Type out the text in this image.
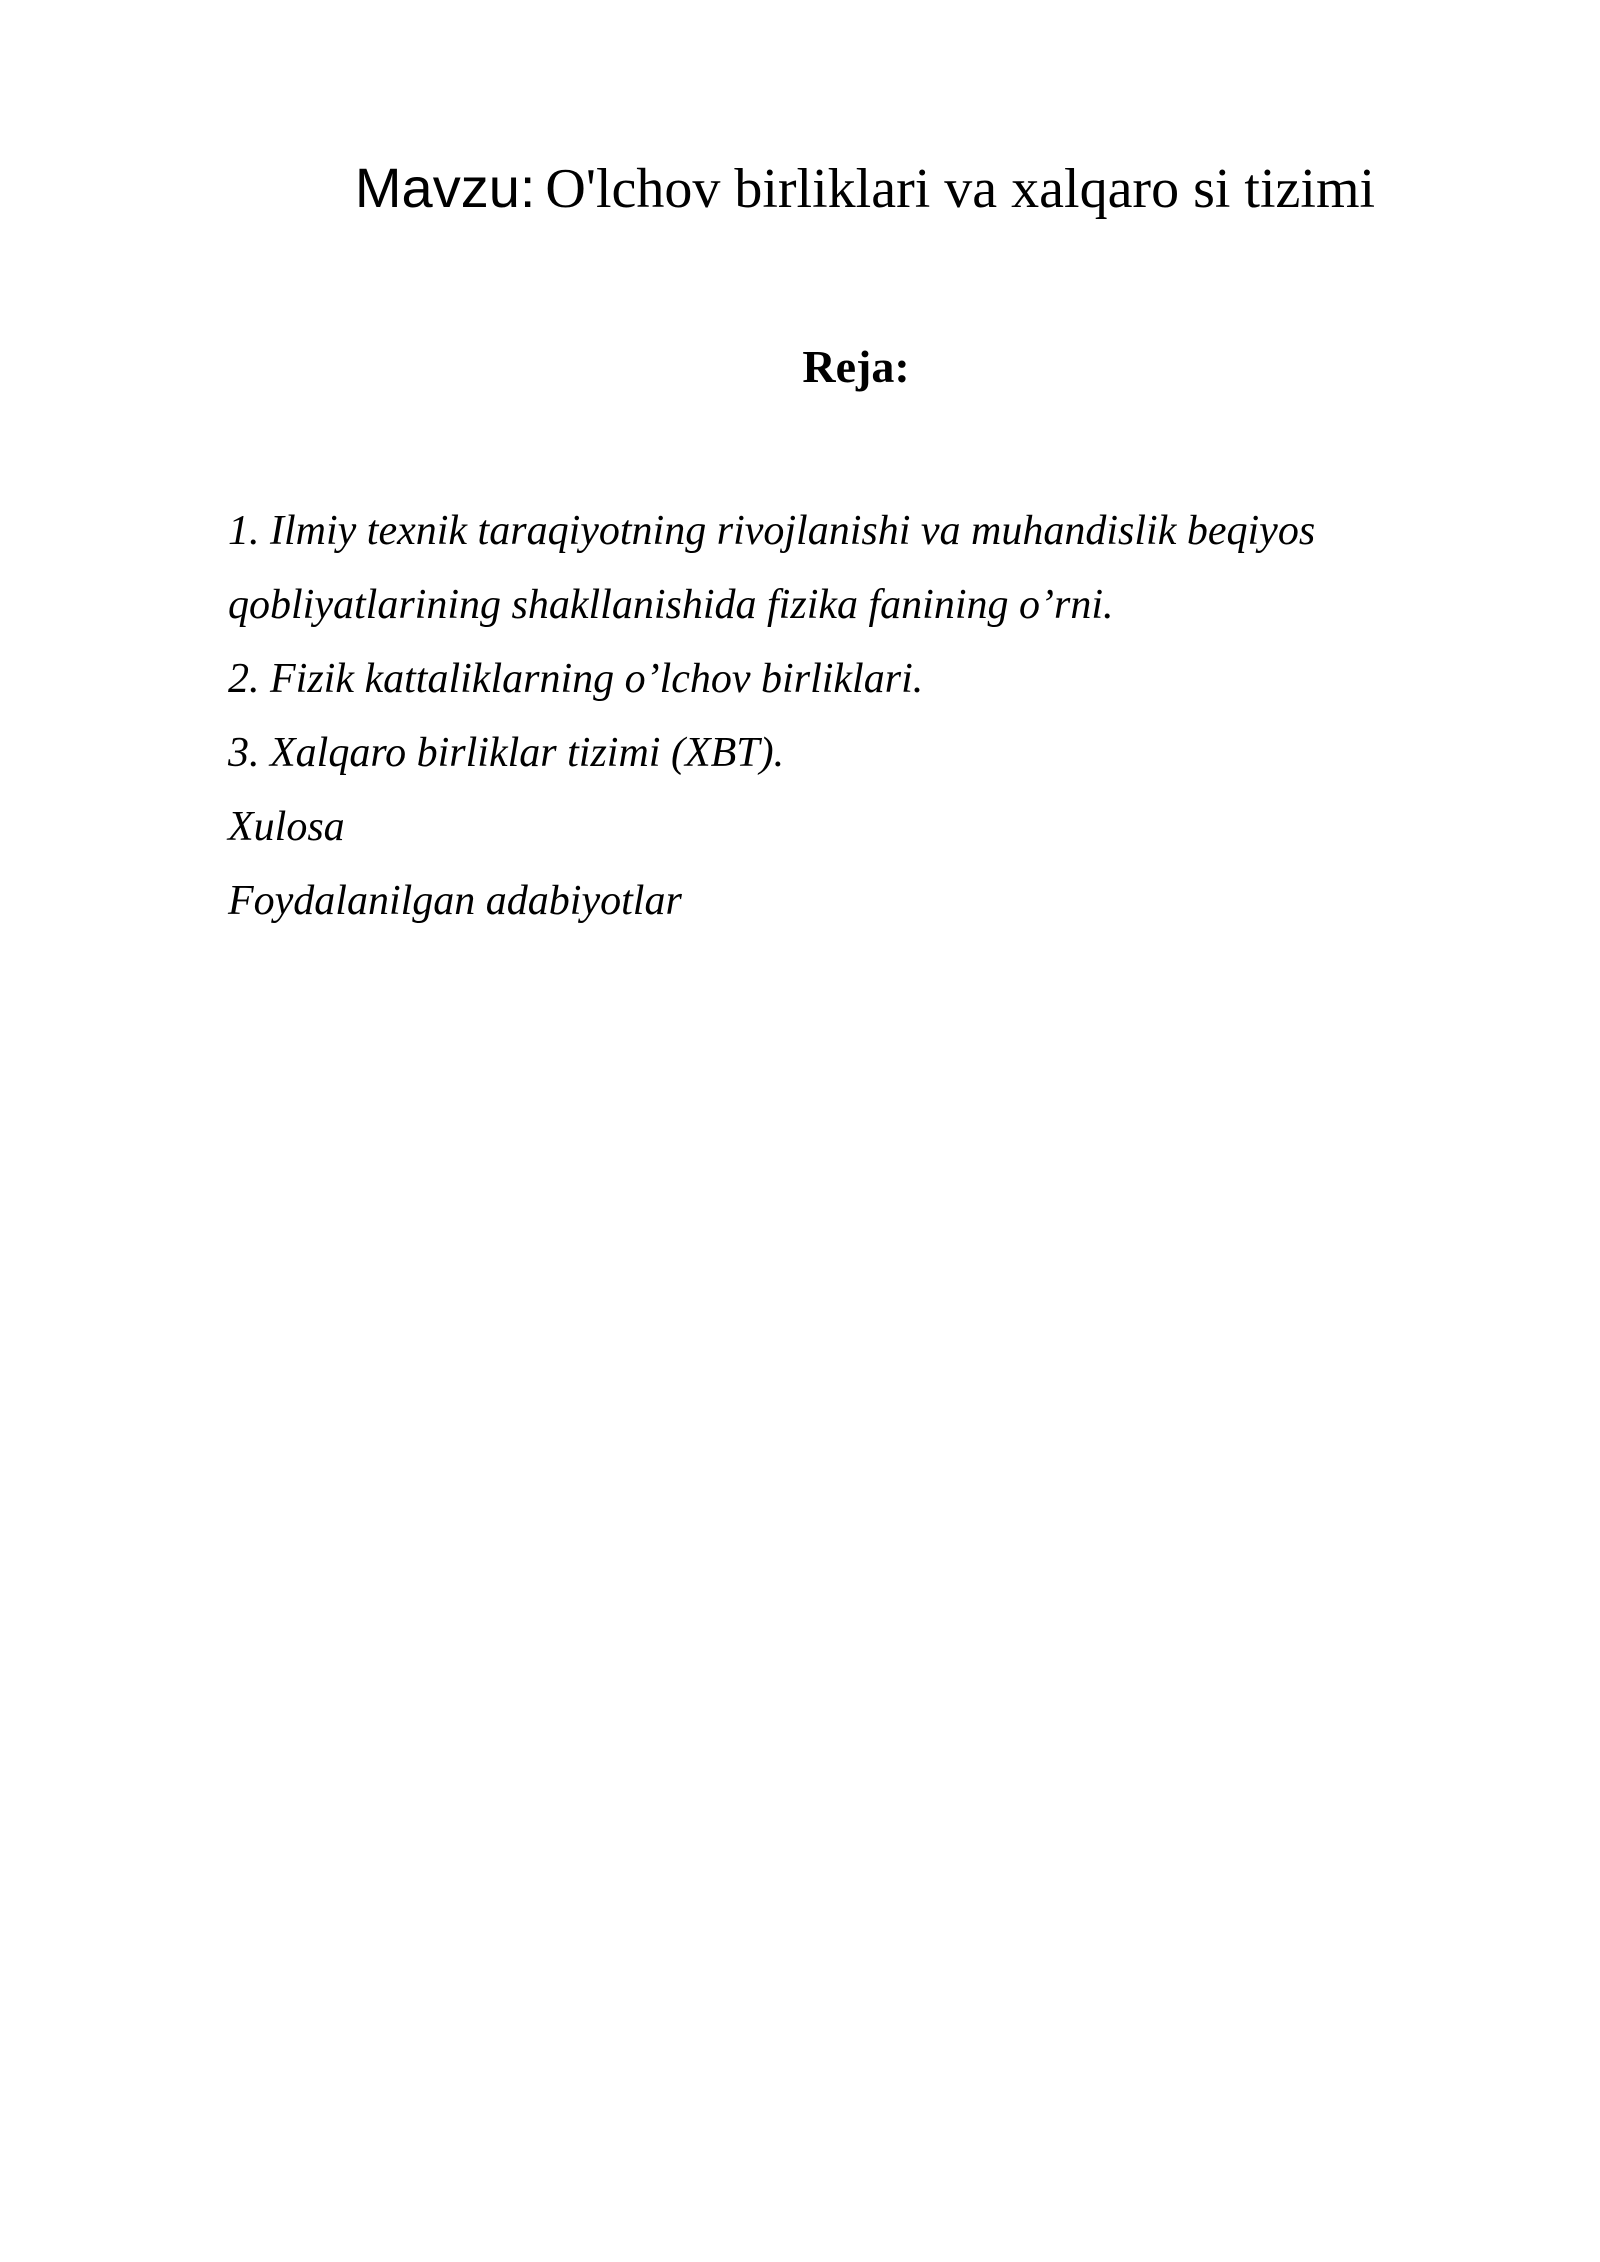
Mavzu: O'lchov birliklari va xalqaro si tizimi
Reja:
1. Ilmiy texnik taraqiyotning rivojlanishi va muhandislik beqiyos
qobliyatlarining shakllanishida fizika fanining o’rni.
2. Fizik kattaliklarning o’lchov birliklari.
3. Xalqaro birliklar tizimi (XBT).
Xulosa
Foydalanilgan adabiyotlar
